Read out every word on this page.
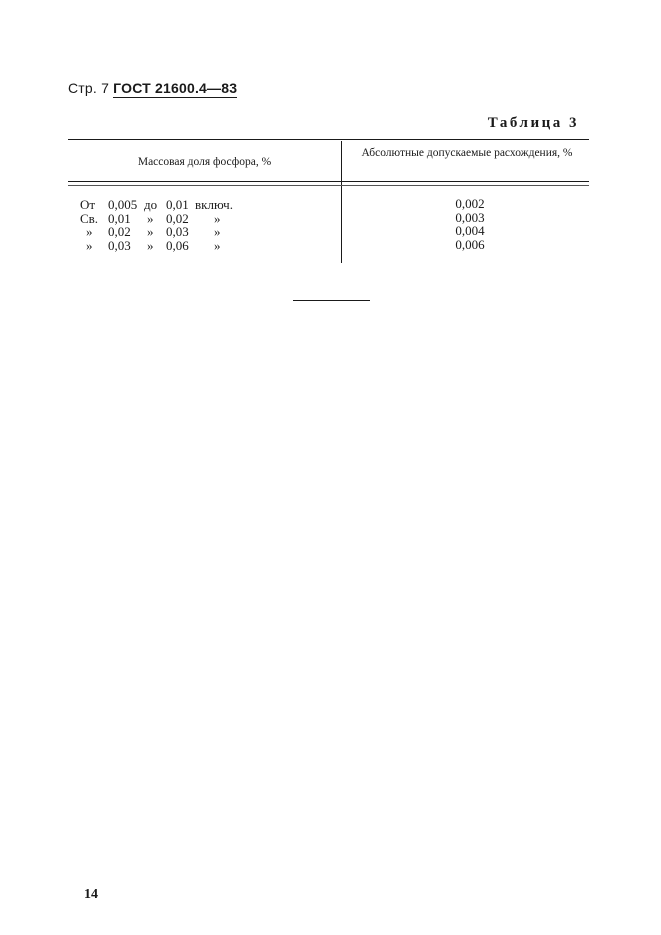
Стр. 7 ГОСТ 21600.4—83
Таблица 3
Массовая доля фосфора, %
Абсолютные допускаемые расхождения, %
От 0,005 до 0,01 включ.
Св. 0,01 » 0,02 »
» 0,02 » 0,03 »
» 0,03 » 0,06 »
0,002
0,003
0,004
0,006
14
